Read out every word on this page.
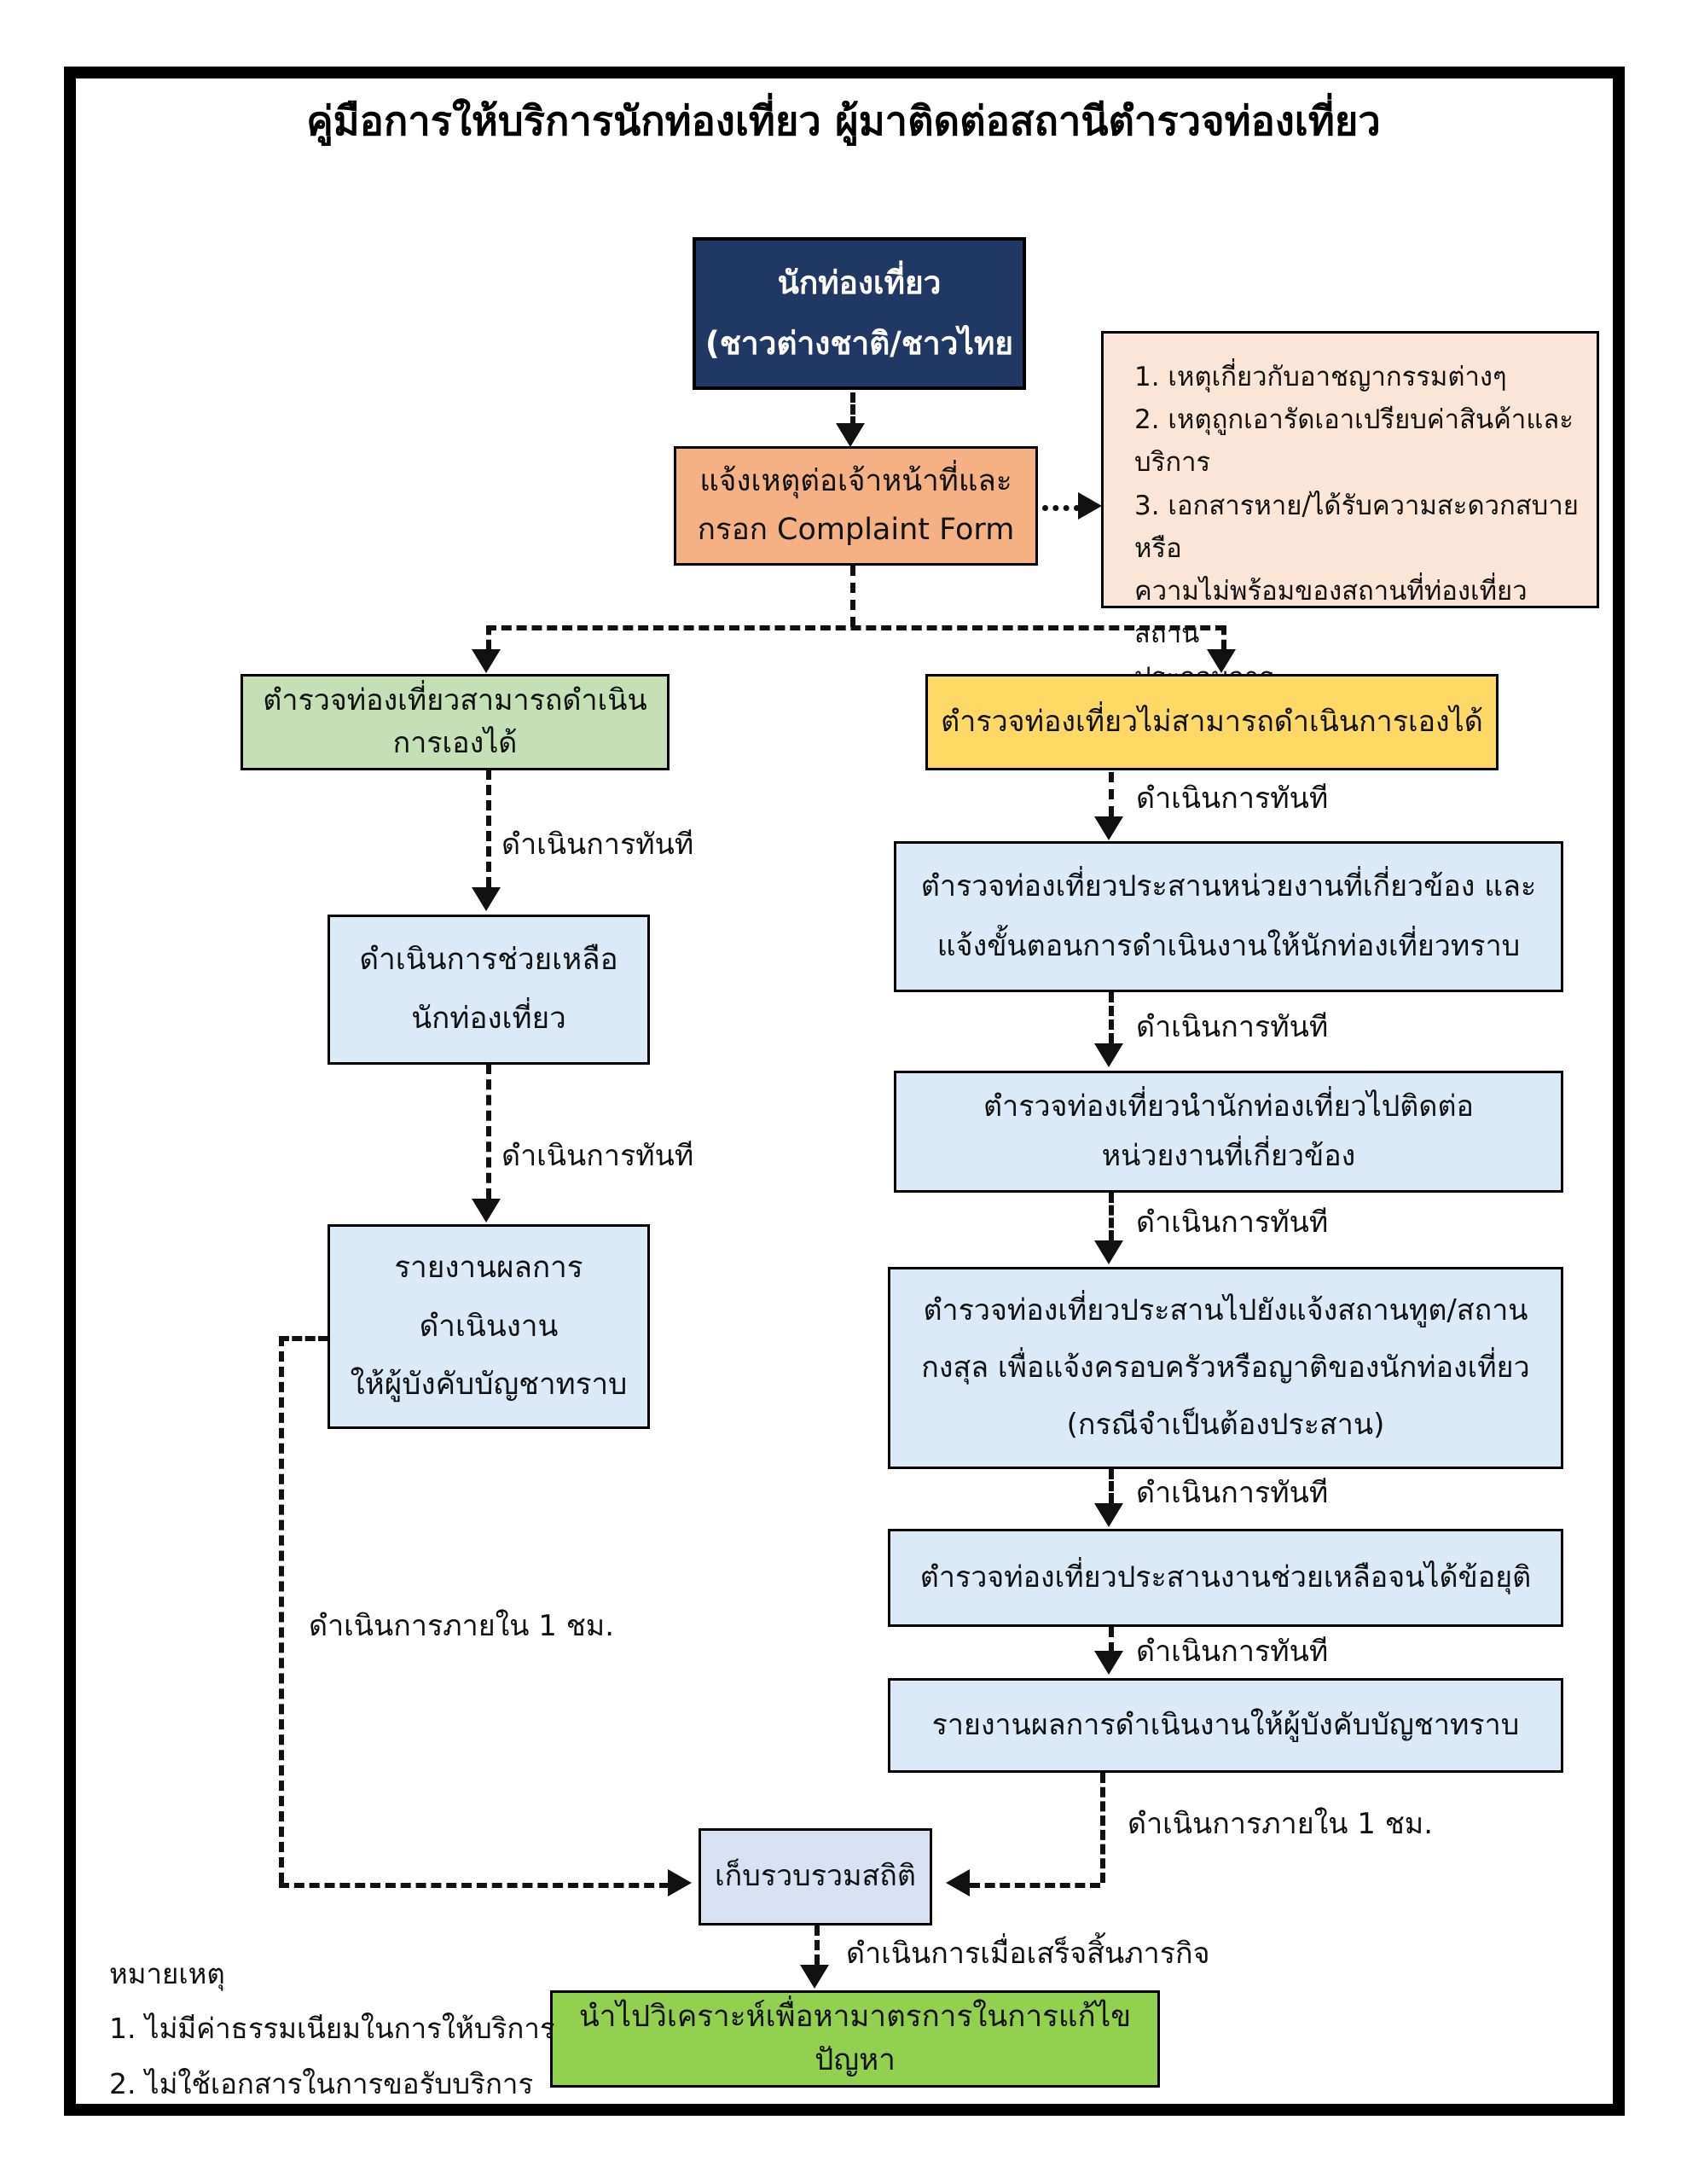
คู่มือการให้บริการนักท่องเที่ยว ผู้มาติดต่อสถานีตำรวจท่องเที่ยว
นักท่องเที่ยว
(ชาวต่างชาติ/ชาวไทย
แจ้งเหตุต่อเจ้าหน้าที่และ
กรอก Complaint Form
1. เหตุเกี่ยวกับอาชญากรรมต่างๆ
2. เหตุถูกเอารัดเอาเปรียบค่าสินค้าและบริการ
3. เอกสารหาย/ได้รับความสะดวกสบาย หรือ
ความไม่พร้อมของสถานที่ท่องเที่ยว สถาน
ตำรวจท่องเที่ยวสามารถดำเนินการเองได้
ตำรวจท่องเที่ยวไม่สามารถดำเนินการเองได้
ดำเนินการทันที
ดำเนินการช่วยเหลือ
นักท่องเที่ยว
ดำเนินการทันที
รายงานผลการ
ดำเนินงาน
ให้ผู้บังคับบัญชาทราบ
ดำเนินการภายใน 1 ชม.
ดำเนินการทันที
ตำรวจท่องเที่ยวประสานหน่วยงานที่เกี่ยวข้อง และ
แจ้งขั้นตอนการดำเนินงานให้นักท่องเที่ยวทราบ
ดำเนินการทันที
ตำรวจท่องเที่ยวนำนักท่องเที่ยวไปติดต่อ
หน่วยงานที่เกี่ยวข้อง
ดำเนินการทันที
ตำรวจท่องเที่ยวประสานไปยังแจ้งสถานทูต/สถาน
กงสุล เพื่อแจ้งครอบครัวหรือญาติของนักท่องเที่ยว
(กรณีจำเป็นต้องประสาน)
ดำเนินการทันที
ตำรวจท่องเที่ยวประสานงานช่วยเหลือจนได้ข้อยุติ
ดำเนินการทันที
รายงานผลการดำเนินงานให้ผู้บังคับบัญชาทราบ
ดำเนินการภายใน 1 ชม.
เก็บรวบรวมสถิติ
ดำเนินการเมื่อเสร็จสิ้นภารกิจ
นำไปวิเคราะห์เพื่อหามาตรการในการแก้ไขปัญหา
หมายเหตุ
1. ไม่มีค่าธรรมเนียมในการให้บริการ
2. ไม่ใช้เอกสารในการขอรับบริการ
